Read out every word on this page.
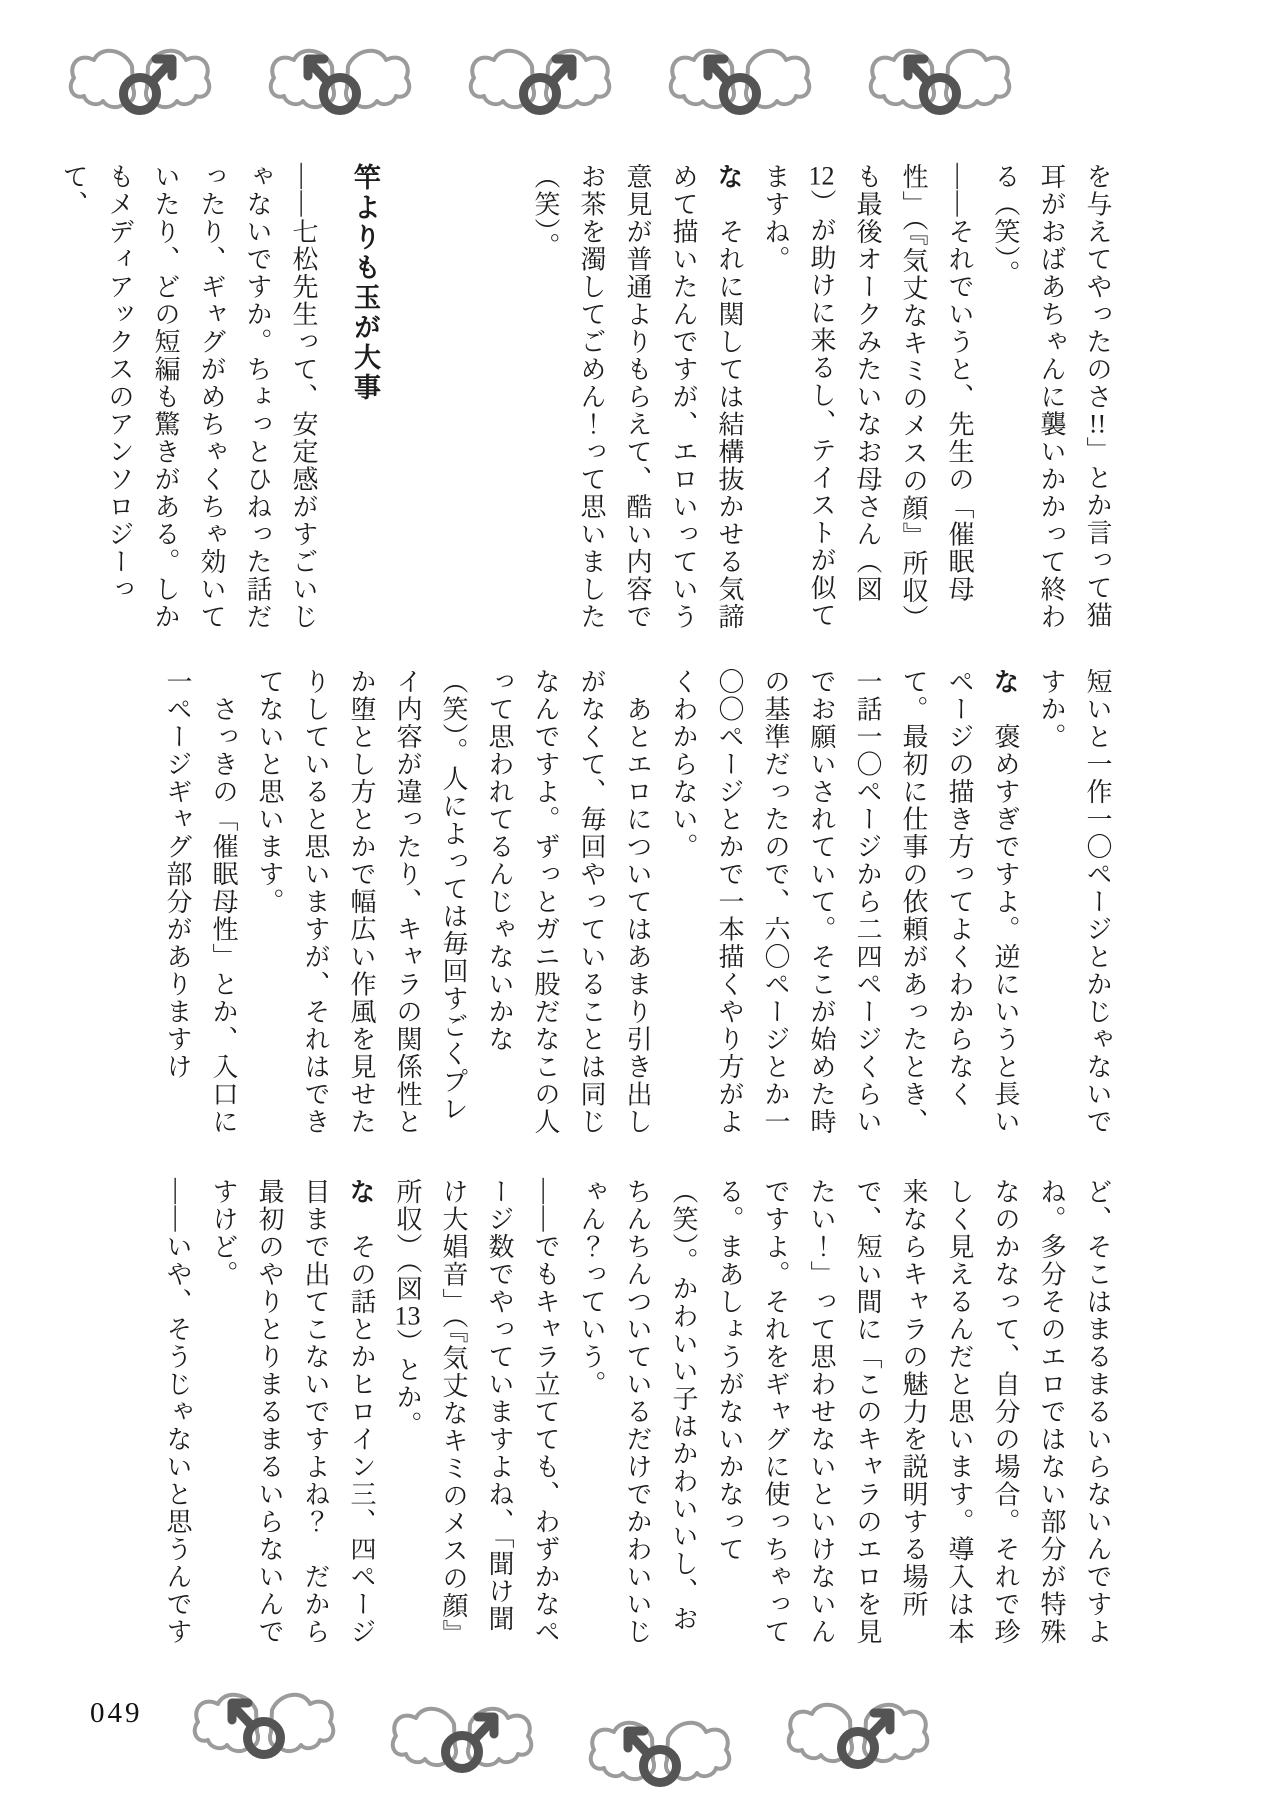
を与えてやったのさ!!」とか言って猫耳がおばあちゃんに襲いかかって終わる（笑）。

――それでいうと、先生の「催眠母性」（『気丈なキミのメスの顔』所収）も最後オークみたいなお母さん（図12）が助けに来るし、テイストが似てますね。

な　それに関しては結構抜かせる気諦めて描いたんですが、エロいっていう意見が普通よりもらえて、酷い内容でお茶を濁してごめん！って思いました（笑）。

竿よりも玉が大事

――七松先生って、安定感がすごいじゃないですか。ちょっとひねった話だったり、ギャグがめちゃくちゃ効いていたり、どの短編も驚きがある。しかもメディアックスのアンソロジーって、

短いと一作一〇ページとかじゃないですか。

な　褒めすぎですよ。逆にいうと長いページの描き方ってよくわからなくて。最初に仕事の依頼があったとき、一話一〇ページから二四ページくらいでお願いされていて。そこが始めた時の基準だったので、六〇ページとか一〇〇ページとかで一本描くやり方がよくわからない。

　あとエロについてはあまり引き出しがなくて、毎回やっていることは同じなんですよ。ずっとガニ股だなこの人って思われてるんじゃないかな（笑）。人によっては毎回すごくプレイ内容が違ったり、キャラの関係性とか堕とし方とかで幅広い作風を見せたりしていると思いますが、それはできてないと思います。

　さっきの「催眠母性」とか、入口に一ページギャグ部分がありますけ

ど、そこはまるまるいらないんですよね。多分そのエロではない部分が特殊なのかなって、自分の場合。それで珍しく見えるんだと思います。導入は本来ならキャラの魅力を説明する場所で、短い間に「このキャラのエロを見たい！」って思わせないといけないんですよ。それをギャグに使っちゃってる。まあしょうがないかなって（笑）。かわいい子はかわいいし、おちんちんついているだけでかわいいじゃん？っていう。

――でもキャラ立てても、わずかなページ数でやっていますよね、「聞け聞け大娼音」（『気丈なキミのメスの顔』所収）（図13）とか。

な　その話とかヒロイン三、四ページ目まで出てこないですよね？　だから最初のやりとりまるまるいらないんですけど。

――いや、そうじゃないと思うんです

049
